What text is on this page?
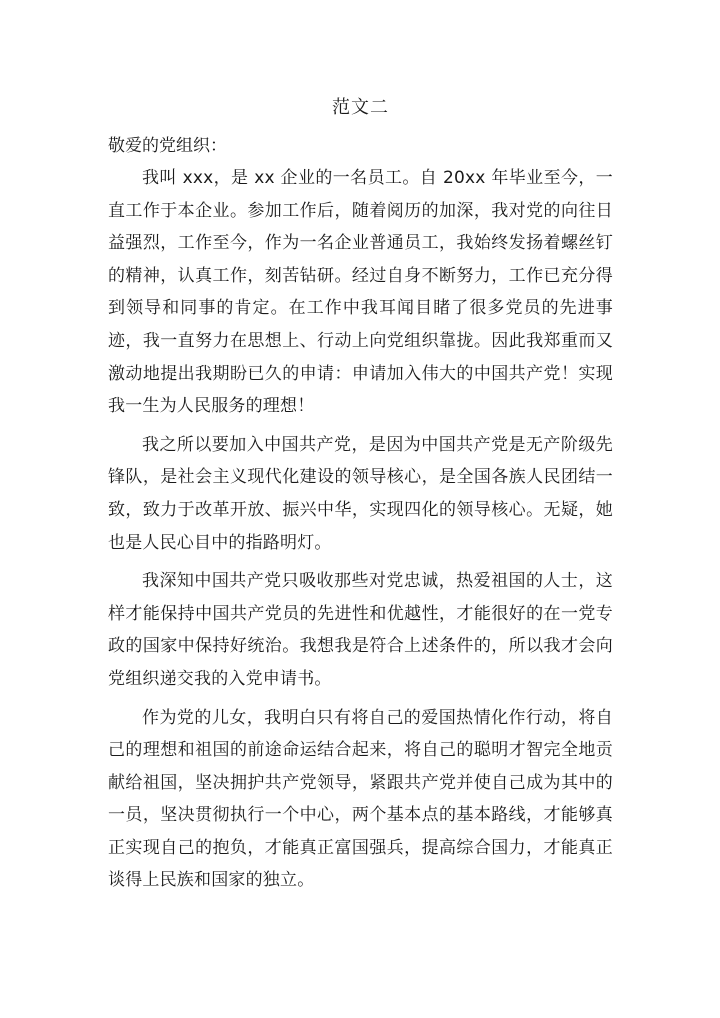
范文二

敬爱的党组织：

我叫 xxx，是 xx 企业的一名员工。自 20xx 年毕业至今，一直工作于本企业。参加工作后，随着阅历的加深，我对党的向往日益强烈，工作至今，作为一名企业普通员工，我始终发扬着螺丝钉的精神，认真工作，刻苦钻研。经过自身不断努力，工作已充分得到领导和同事的肯定。在工作中我耳闻目睹了很多党员的先进事迹，我一直努力在思想上、行动上向党组织靠拢。因此我郑重而又激动地提出我期盼已久的申请：申请加入伟大的中国共产党！实现我一生为人民服务的理想！

我之所以要加入中国共产党，是因为中国共产党是无产阶级先锋队，是社会主义现代化建设的领导核心，是全国各族人民团结一致，致力于改革开放、振兴中华，实现四化的领导核心。无疑，她也是人民心目中的指路明灯。

我深知中国共产党只吸收那些对党忠诚，热爱祖国的人士，这样才能保持中国共产党员的先进性和优越性，才能很好的在一党专政的国家中保持好统治。我想我是符合上述条件的，所以我才会向党组织递交我的入党申请书。

作为党的儿女，我明白只有将自己的爱国热情化作行动，将自己的理想和祖国的前途命运结合起来，将自己的聪明才智完全地贡献给祖国，坚决拥护共产党领导，紧跟共产党并使自己成为其中的一员，坚决贯彻执行一个中心，两个基本点的基本路线，才能够真正实现自己的抱负，才能真正富国强兵，提高综合国力，才能真正谈得上民族和国家的独立。
